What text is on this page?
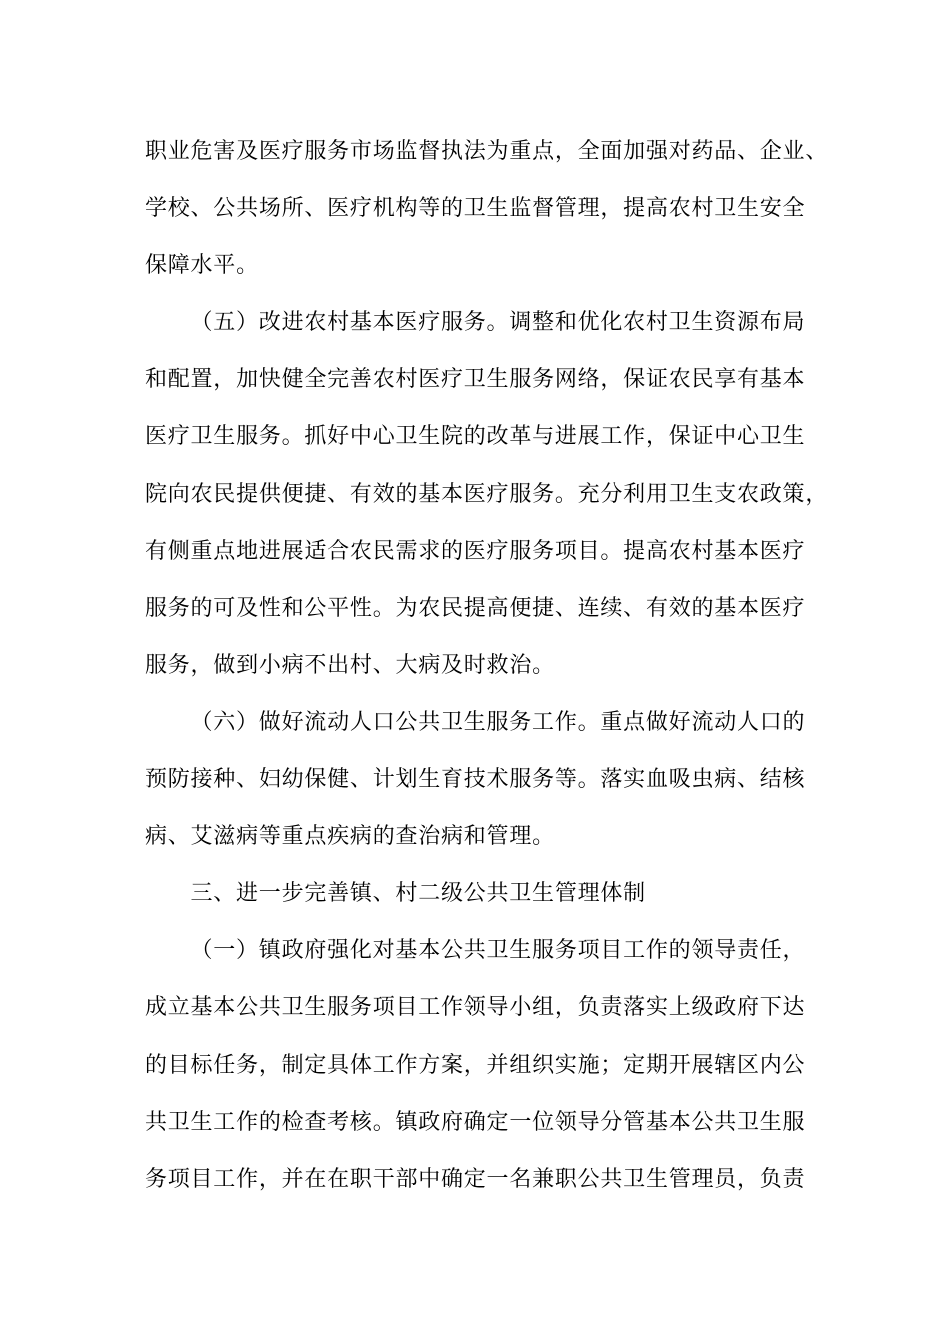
职业危害及医疗服务市场监督执法为重点，全面加强对药品、企业、
学校、公共场所、医疗机构等的卫生监督管理，提高农村卫生安全
保障水平。
（五）改进农村基本医疗服务。调整和优化农村卫生资源布局
和配置，加快健全完善农村医疗卫生服务网络，保证农民享有基本
医疗卫生服务。抓好中心卫生院的改革与进展工作，保证中心卫生
院向农民提供便捷、有效的基本医疗服务。充分利用卫生支农政策，
有侧重点地进展适合农民需求的医疗服务项目。提高农村基本医疗
服务的可及性和公平性。为农民提高便捷、连续、有效的基本医疗
服务，做到小病不出村、大病及时救治。
（六）做好流动人口公共卫生服务工作。重点做好流动人口的
预防接种、妇幼保健、计划生育技术服务等。落实血吸虫病、结核
病、艾滋病等重点疾病的查治病和管理。
三、进一步完善镇、村二级公共卫生管理体制
（一）镇政府强化对基本公共卫生服务项目工作的领导责任，
成立基本公共卫生服务项目工作领导小组，负责落实上级政府下达
的目标任务，制定具体工作方案，并组织实施；定期开展辖区内公
共卫生工作的检查考核。镇政府确定一位领导分管基本公共卫生服
务项目工作，并在在职干部中确定一名兼职公共卫生管理员，负责
